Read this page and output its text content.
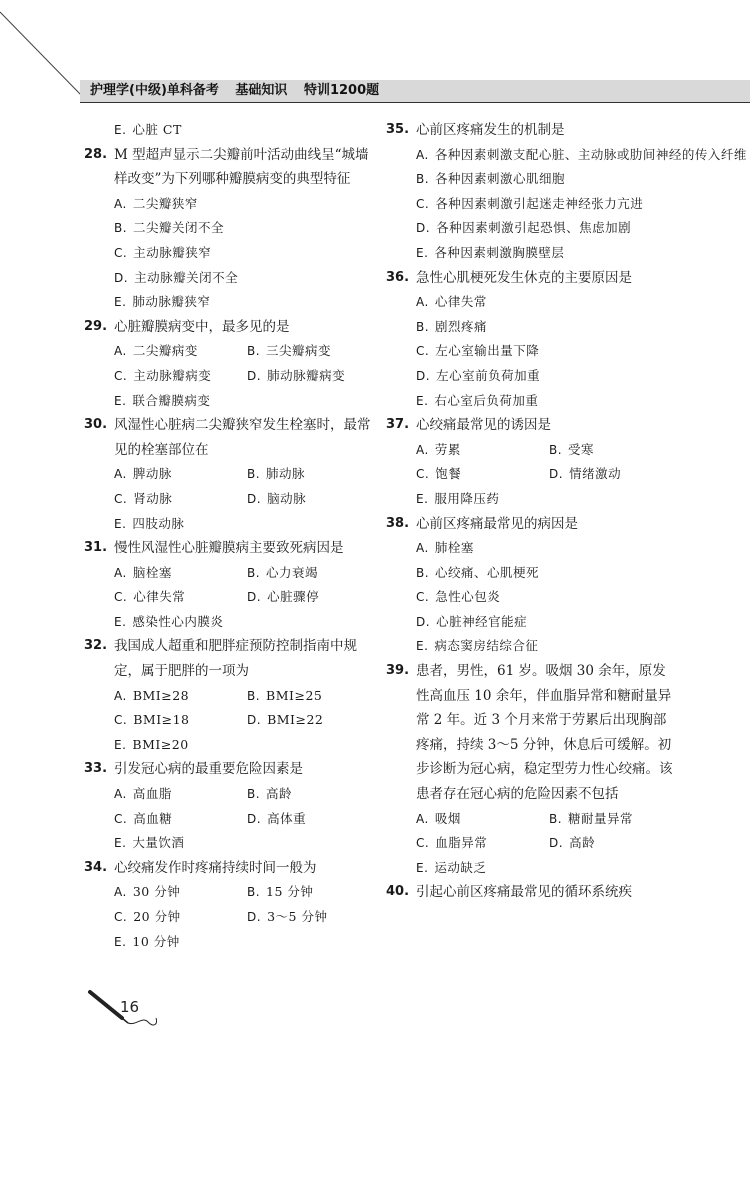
护理学(中级)单科备考 基础知识 特训1200题
E. 心脏 CT
28. M 型超声显示二尖瓣前叶活动曲线呈“城墙样改变”为下列哪种瓣膜病变的典型特征
A. 二尖瓣狭窄
B. 二尖瓣关闭不全
C. 主动脉瓣狭窄
D. 主动脉瓣关闭不全
E. 肺动脉瓣狭窄
29. 心脏瓣膜病变中，最多见的是
A. 二尖瓣病变	B. 三尖瓣病变
C. 主动脉瓣病变	D. 肺动脉瓣病变
E. 联合瓣膜病变
30. 风湿性心脏病二尖瓣狭窄发生栓塞时，最常见的栓塞部位在
A. 脾动脉	B. 肺动脉
C. 肾动脉	D. 脑动脉
E. 四肢动脉
31. 慢性风湿性心脏瓣膜病主要致死病因是
A. 脑栓塞	B. 心力衰竭
C. 心律失常	D. 心脏骤停
E. 感染性心内膜炎
32. 我国成人超重和肥胖症预防控制指南中规定，属于肥胖的一项为
A. BMI≥28	B. BMI≥25
C. BMI≥18	D. BMI≥22
E. BMI≥20
33. 引发冠心病的最重要危险因素是
A. 高血脂	B. 高龄
C. 高血糖	D. 高体重
E. 大量饮酒
34. 心绞痛发作时疼痛持续时间一般为
A. 30 分钟	B. 15 分钟
C. 20 分钟	D. 3～5 分钟
E. 10 分钟
35. 心前区疼痛发生的机制是
A. 各种因素刺激支配心脏、主动脉或肋间神经的传入纤维
B. 各种因素刺激心肌细胞
C. 各种因素刺激引起迷走神经张力亢进
D. 各种因素刺激引起恐惧、焦虑加剧
E. 各种因素刺激胸膜壁层
36. 急性心肌梗死发生休克的主要原因是
A. 心律失常
B. 剧烈疼痛
C. 左心室输出量下降
D. 左心室前负荷加重
E. 右心室后负荷加重
37. 心绞痛最常见的诱因是
A. 劳累	B. 受寒
C. 饱餐	D. 情绪激动
E. 服用降压药
38. 心前区疼痛最常见的病因是
A. 肺栓塞
B. 心绞痛、心肌梗死
C. 急性心包炎
D. 心脏神经官能症
E. 病态窦房结综合征
39. 患者，男性，61 岁。吸烟 30 余年，原发性高血压 10 余年，伴血脂异常和糖耐量异常 2 年。近 3 个月来常于劳累后出现胸部疼痛，持续 3～5 分钟，休息后可缓解。初步诊断为冠心病，稳定型劳力性心绞痛。该患者存在冠心病的危险因素不包括
A. 吸烟	B. 糖耐量异常
C. 血脂异常	D. 高龄
E. 运动缺乏
40. 引起心前区疼痛最常见的循环系统疾
16
